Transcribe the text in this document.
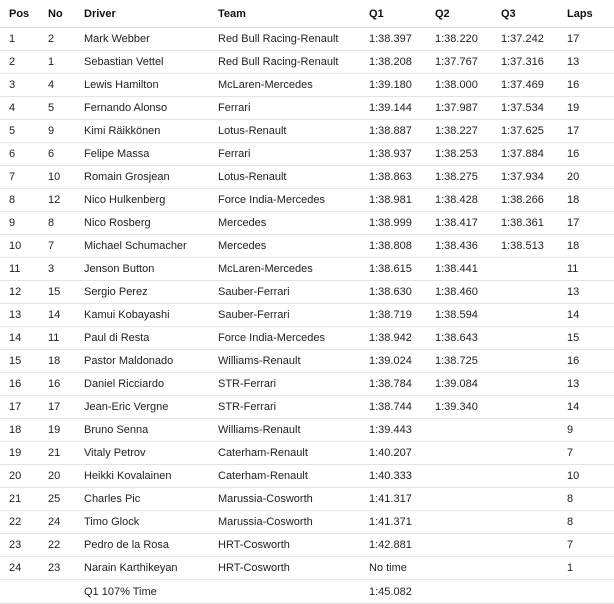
Pos	No	Driver	Team	Q1	Q2	Q3	Laps
1	2	Mark Webber	Red Bull Racing-Renault	1:38.397	1:38.220	1:37.242	17
2	1	Sebastian Vettel	Red Bull Racing-Renault	1:38.208	1:37.767	1:37.316	13
3	4	Lewis Hamilton	McLaren-Mercedes	1:39.180	1:38.000	1:37.469	16
4	5	Fernando Alonso	Ferrari	1:39.144	1:37.987	1:37.534	19
5	9	Kimi Räikkönen	Lotus-Renault	1:38.887	1:38.227	1:37.625	17
6	6	Felipe Massa	Ferrari	1:38.937	1:38.253	1:37.884	16
7	10	Romain Grosjean	Lotus-Renault	1:38.863	1:38.275	1:37.934	20
8	12	Nico Hulkenberg	Force India-Mercedes	1:38.981	1:38.428	1:38.266	18
9	8	Nico Rosberg	Mercedes	1:38.999	1:38.417	1:38.361	17
10	7	Michael Schumacher	Mercedes	1:38.808	1:38.436	1:38.513	18
11	3	Jenson Button	McLaren-Mercedes	1:38.615	1:38.441		11
12	15	Sergio Perez	Sauber-Ferrari	1:38.630	1:38.460		13
13	14	Kamui Kobayashi	Sauber-Ferrari	1:38.719	1:38.594		14
14	11	Paul di Resta	Force India-Mercedes	1:38.942	1:38.643		15
15	18	Pastor Maldonado	Williams-Renault	1:39.024	1:38.725		16
16	16	Daniel Ricciardo	STR-Ferrari	1:38.784	1:39.084		13
17	17	Jean-Eric Vergne	STR-Ferrari	1:38.744	1:39.340		14
18	19	Bruno Senna	Williams-Renault	1:39.443			9
19	21	Vitaly Petrov	Caterham-Renault	1:40.207			7
20	20	Heikki Kovalainen	Caterham-Renault	1:40.333			10
21	25	Charles Pic	Marussia-Cosworth	1:41.317			8
22	24	Timo Glock	Marussia-Cosworth	1:41.371			8
23	22	Pedro de la Rosa	HRT-Cosworth	1:42.881			7
24	23	Narain Karthikeyan	HRT-Cosworth	No time			1
		Q1 107% Time		1:45.082			
